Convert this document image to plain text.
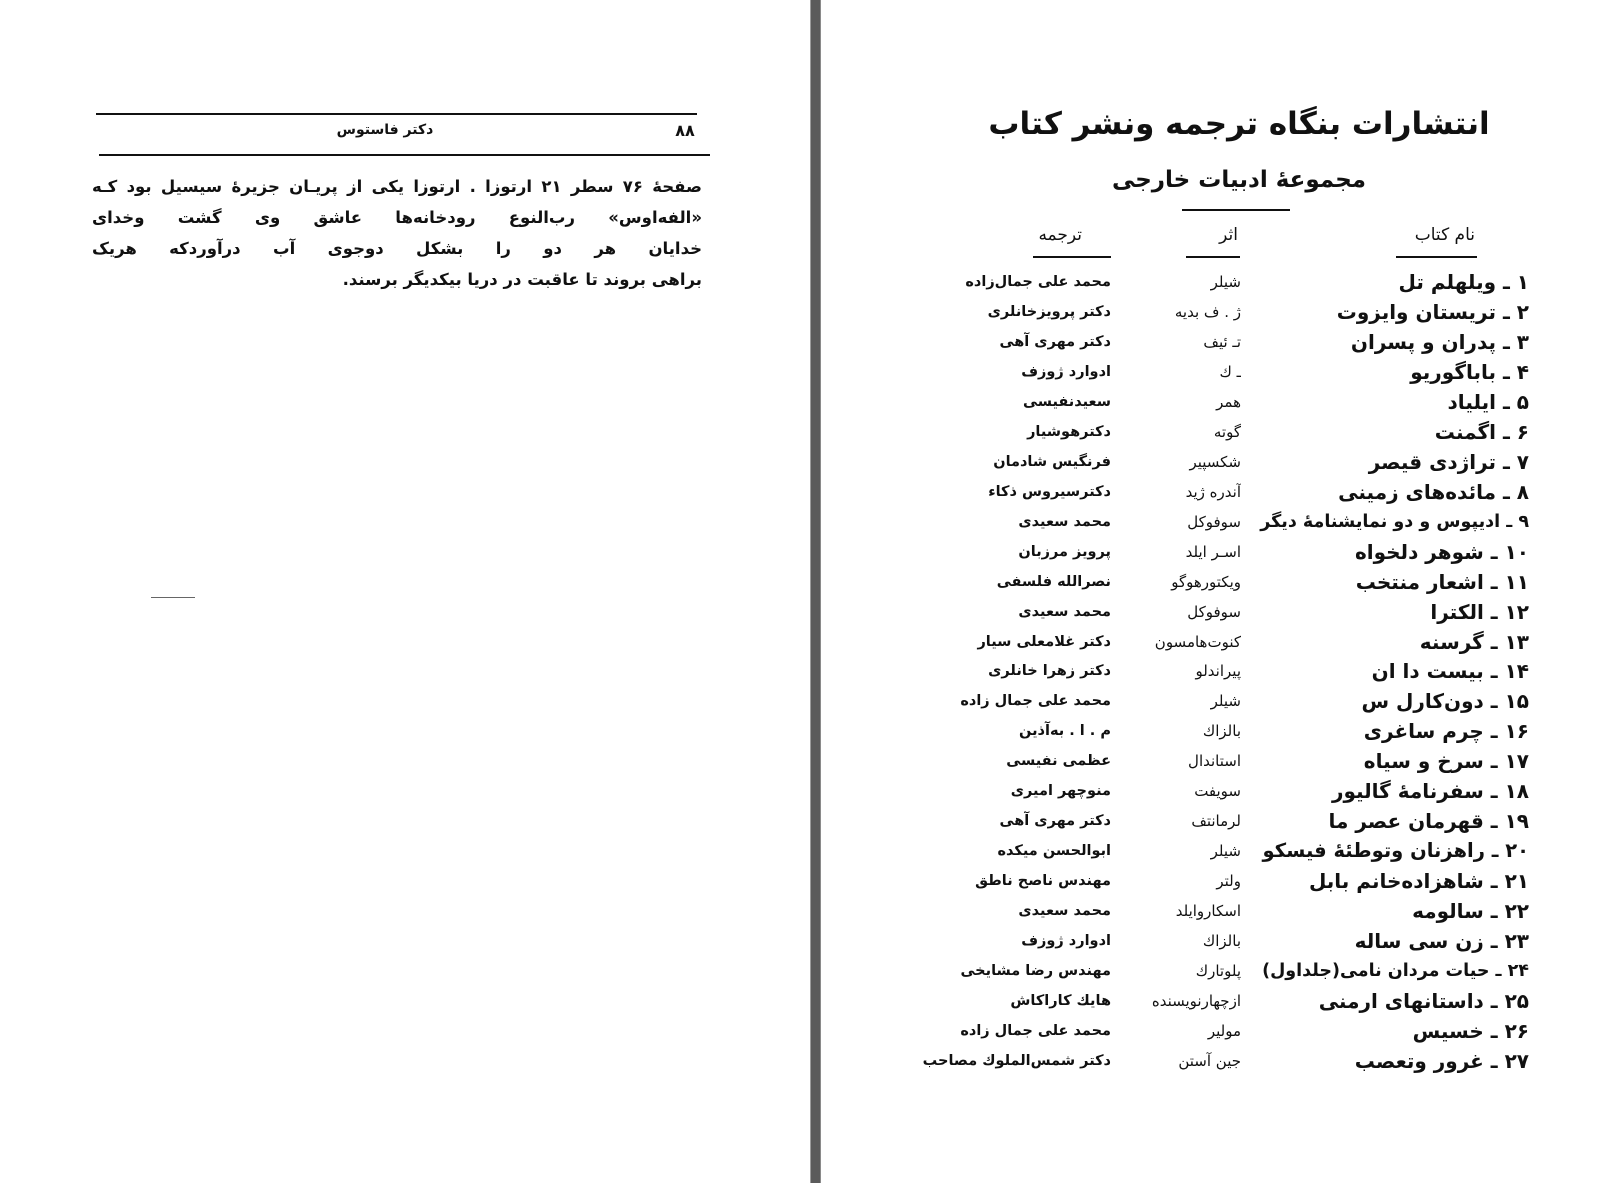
۸۸
دکتر فاستوس
صفحهٔ ۷۶ سطر ۲۱ ارتوزا . ارتوزا یکی از پریـان جزیرهٔ سیسیل بود کـه
«الفه‌اوس» رب‌النوع رودخانه‌ها عاشق وی گشت وخدای
خدایان هر دو را بشکل دوجوی آب درآوردکه هریک
براهی بروند تا عاقبت در دریا بیکدیگر برسند.
انتشارات بنگاه ترجمه ونشر کتاب
مجموعهٔ ادبیات خارجی
نام کتاب
اثر
ترجمه
۱ ـ ویلهلم تل
شیلر
محمد علی جمال‌زاده
۲ ـ تریستان وایزوت
ژ . ف بدیه
دکتر پرویزخانلری
۳ ـ پدران و پسران
تـ ئیف
دکتر مهری آهی
۴ ـ باباگوریو
ـ ك
ادوارد ژوزف
۵ ـ ایلیاد
همر
سعیدنفیسی
۶ ـ اگمنت
گوته
دکترهوشیار
۷ ـ تراژدی قیصر
شکسپیر
فرنگیس شادمان
۸ ـ مائده‌های زمینی
آندره ژید
دکترسیروس ذکاء
۹ ـ ادیپوس و دو نمایشنامهٔ دیگر
سوفوکل
محمد سعیدی
۱۰ ـ شوهر دلخواه
اسـر ایلد
پرویز مرزبان
۱۱ ـ اشعار منتخب
ویکتورهوگو
نصرالله فلسفی
۱۲ ـ الکترا
سوفوکل
محمد سعیدی
۱۳ ـ گرسنه
کنوت‌هامسون
دکتر غلامعلی سیار
۱۴ ـ بیست دا ان
پیراندلو
دکتر زهرا خانلری
۱۵ ـ دون‌کارل س
شیلر
محمد علی جمال زاده
۱۶ ـ چرم ساغری
بالزاك
م . ا . به‌آذین
۱۷ ـ سرخ و سیاه
استاندال
عظمی نفیسی
۱۸ ـ سفرنامهٔ گالیور
سویفت
منوچهر امیری
۱۹ ـ قهرمان عصر ما
لرمانتف
دکتر مهری آهی
۲۰ ـ راهزنان وتوطئهٔ فیسکو
شیلر
ابوالحسن میکده
۲۱ ـ شاهزاده‌خانم بابل
ولتر
مهندس ناصح ناطق
۲۲ ـ سالومه
اسکاروایلد
محمد سعیدی
۲۳ ـ زن سی ساله
بالزاك
ادوارد ژوزف
۲۴ ـ حیات مردان نامی(جلداول)
پلوتارك
مهندس رضا مشایخی
۲۵ ـ داستانهای ارمنی
ازچهارنویسنده
هایك کاراکاش
۲۶ ـ خسیس
مولیر
محمد علی جمال زاده
۲۷ ـ غرور وتعصب
جین آستن
دکتر شمس‌الملوك مصاحب
